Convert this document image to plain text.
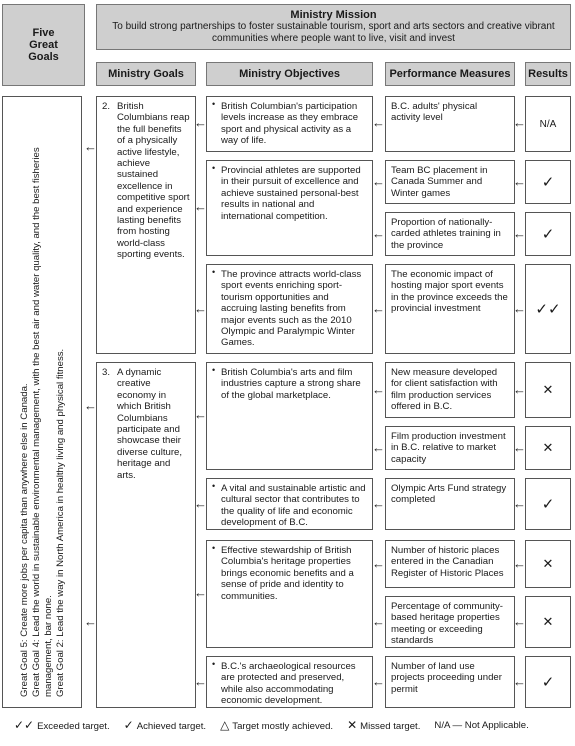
Five Great Goals
Ministry Mission
To build strong partnerships to foster sustainable tourism, sport and arts sectors and creative vibrant communities where people want to live, visit and invest
Ministry Goals	Ministry Objectives	Performance Measures Results
Great Goal 5: Create more jobs per capita than anywhere else in Canada. Great Goal 4: Lead the world in sustainable environmental management, with the best air and water quality, and the best fisheries management, bar none. Great Goal 2: Lead the way in North America in healthy living and physical fitness.
2. British Columbians reap the full benefits of a physically active lifestyle, achieve sustained excellence in competitive sport and experience lasting benefits from hosting world-class sporting events.
3. A dynamic creative economy in which British Columbians participate and showcase their diverse culture, heritage and arts.
• British Columbian's participation levels increase as they embrace sport and physical activity as a way of life.
• Provincial athletes are supported in their pursuit of excellence and achieve sustained personal-best results in national and international competition.
• The province attracts world-class sport events enriching sport-tourism opportunities and accruing lasting benefits from major events such as the 2010 Olympic and Paralympic Winter Games.
• British Columbia's arts and film industries capture a strong share of the global marketplace.
• A vital and sustainable artistic and cultural sector that contributes to the quality of life and economic development of B.C.
• Effective stewardship of British Columbia's heritage properties brings economic benefits and a sense of pride and identity to communities.
• B.C.'s archaeological resources are protected and preserved, while also accommodating economic development.
B.C. adults' physical activity level
Team BC placement in Canada Summer and Winter games
Proportion of nationally-carded athletes training in the province
The economic impact of hosting major sport events in the province exceeds the provincial investment
New measure developed for client satisfaction with film production services offered in B.C.
Film production investment in B.C. relative to market capacity
Olympic Arts Fund strategy completed
Number of historic places entered in the Canadian Register of Historic Places
Percentage of community-based heritage properties meeting or exceeding standards
Number of land use projects proceeding under permit
N/A
✓
✓
✓✓
✕
✕
✓
✕
✕
✓
←
←
←
←
←
←
←
←
←
←
←
←
←
←
←
←
←
←
←
←
←
←
←
←
←
←
←
←
←
←
✓✓ Exceeded target. ✓ Achieved target. △ Target mostly achieved. ✕ Missed target. N/A — Not Applicable.
